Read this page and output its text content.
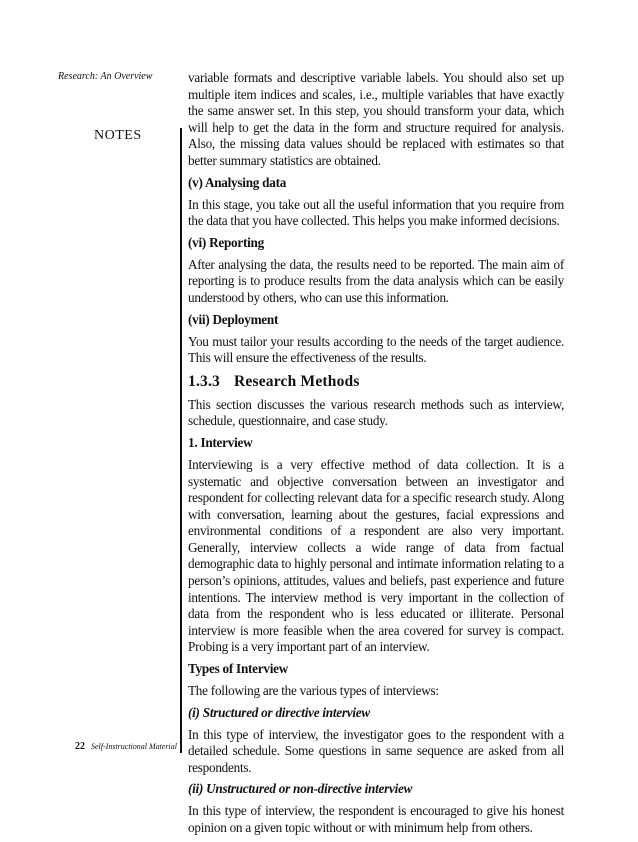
Research: An Overview
NOTES

variable formats and descriptive variable labels. You should also set up multiple item indices and scales, i.e., multiple variables that have exactly the same answer set. In this step, you should transform your data, which will help to get the data in the form and structure required for analysis. Also, the missing data values should be replaced with estimates so that better summary statistics are obtained.

(v) Analysing data

In this stage, you take out all the useful information that you require from the data that you have collected. This helps you make informed decisions.

(vi) Reporting

After analysing the data, the results need to be reported. The main aim of reporting is to produce results from the data analysis which can be easily understood by others, who can use this information.

(vii) Deployment

You must tailor your results according to the needs of the target audience. This will ensure the effectiveness of the results.

1.3.3 Research Methods

This section discusses the various research methods such as interview, schedule, questionnaire, and case study.

1. Interview

Interviewing is a very effective method of data collection. It is a systematic and objective conversation between an investigator and respondent for collecting relevant data for a specific research study. Along with conversation, learning about the gestures, facial expressions and environmental conditions of a respondent are also very important. Generally, interview collects a wide range of data from factual demographic data to highly personal and intimate information relating to a person’s opinions, attitudes, values and beliefs, past experience and future intentions. The interview method is very important in the collection of data from the respondent who is less educated or illiterate. Personal interview is more feasible when the area covered for survey is compact. Probing is a very important part of an interview.

Types of Interview

The following are the various types of interviews:

(i) Structured or directive interview

In this type of interview, the investigator goes to the respondent with a detailed schedule. Some questions in same sequence are asked from all respondents.

(ii) Unstructured or non-directive interview

In this type of interview, the respondent is encouraged to give his honest opinion on a given topic without or with minimum help from others.

22 Self-Instructional Material
